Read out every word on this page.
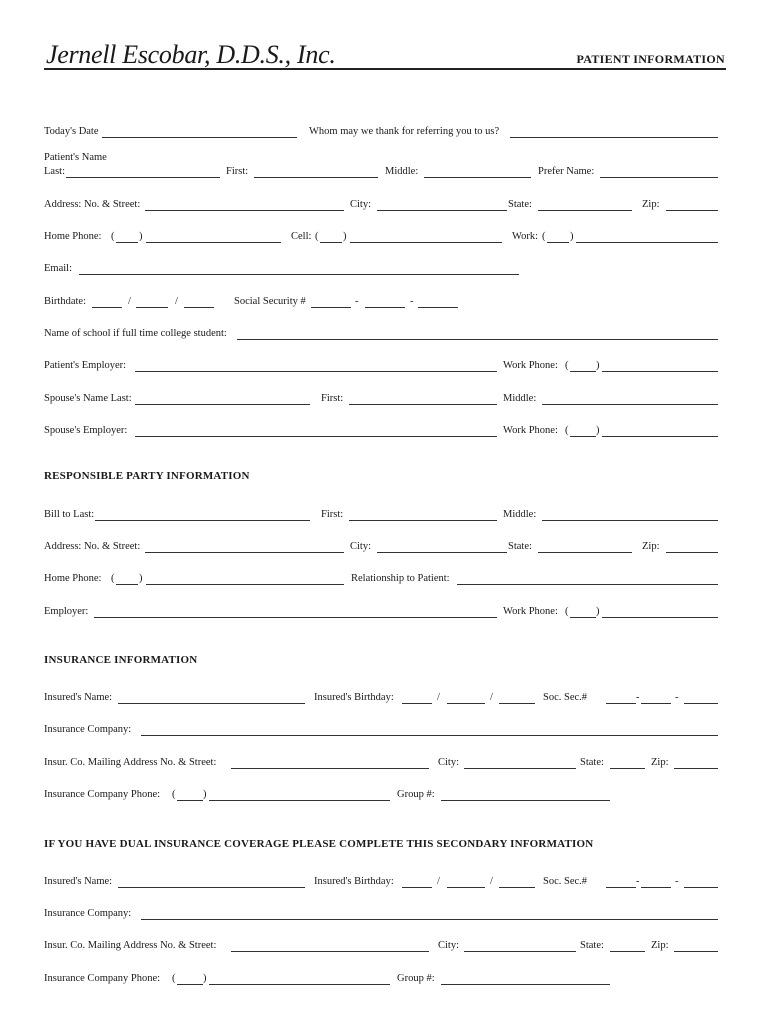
Jernell Escobar, D.D.S., Inc.	PATIENT INFORMATION
Today's Date	Whom may we thank for referring you to us?
Patient's Name
Last:	First:	Middle:	Prefer Name:
Address: No. & Street:	City:	State:	Zip:
Home Phone: ( )	Cell: ( )	Work: ( )
Email:
Birthdate:	/	/	Social Security #	-	-
Name of school if full time college student:
Patient's Employer:	Work Phone: (	)
Spouse's Name Last:	First:	Middle:
Spouse's Employer:	Work Phone: (	)
RESPONSIBLE PARTY INFORMATION
Bill to Last:	First:	Middle:
Address: No. & Street:	City:	State:	Zip:
Home Phone: ( )	Relationship to Patient:
Employer:	Work Phone: (	)
INSURANCE INFORMATION
Insured's Name:	Insured's Birthday:	/	/	Soc. Sec.#	-	-
Insurance Company:
Insur. Co. Mailing Address No. & Street:	City:	State:	Zip:
Insurance Company Phone: (	)	Group #:
IF YOU HAVE DUAL INSURANCE COVERAGE PLEASE COMPLETE THIS SECONDARY INFORMATION
Insured's Name:	Insured's Birthday:	/	/	Soc. Sec.#	-	-
Insurance Company:
Insur. Co. Mailing Address No. & Street:	City:	State:	Zip:
Insurance Company Phone: (	)	Group #:
